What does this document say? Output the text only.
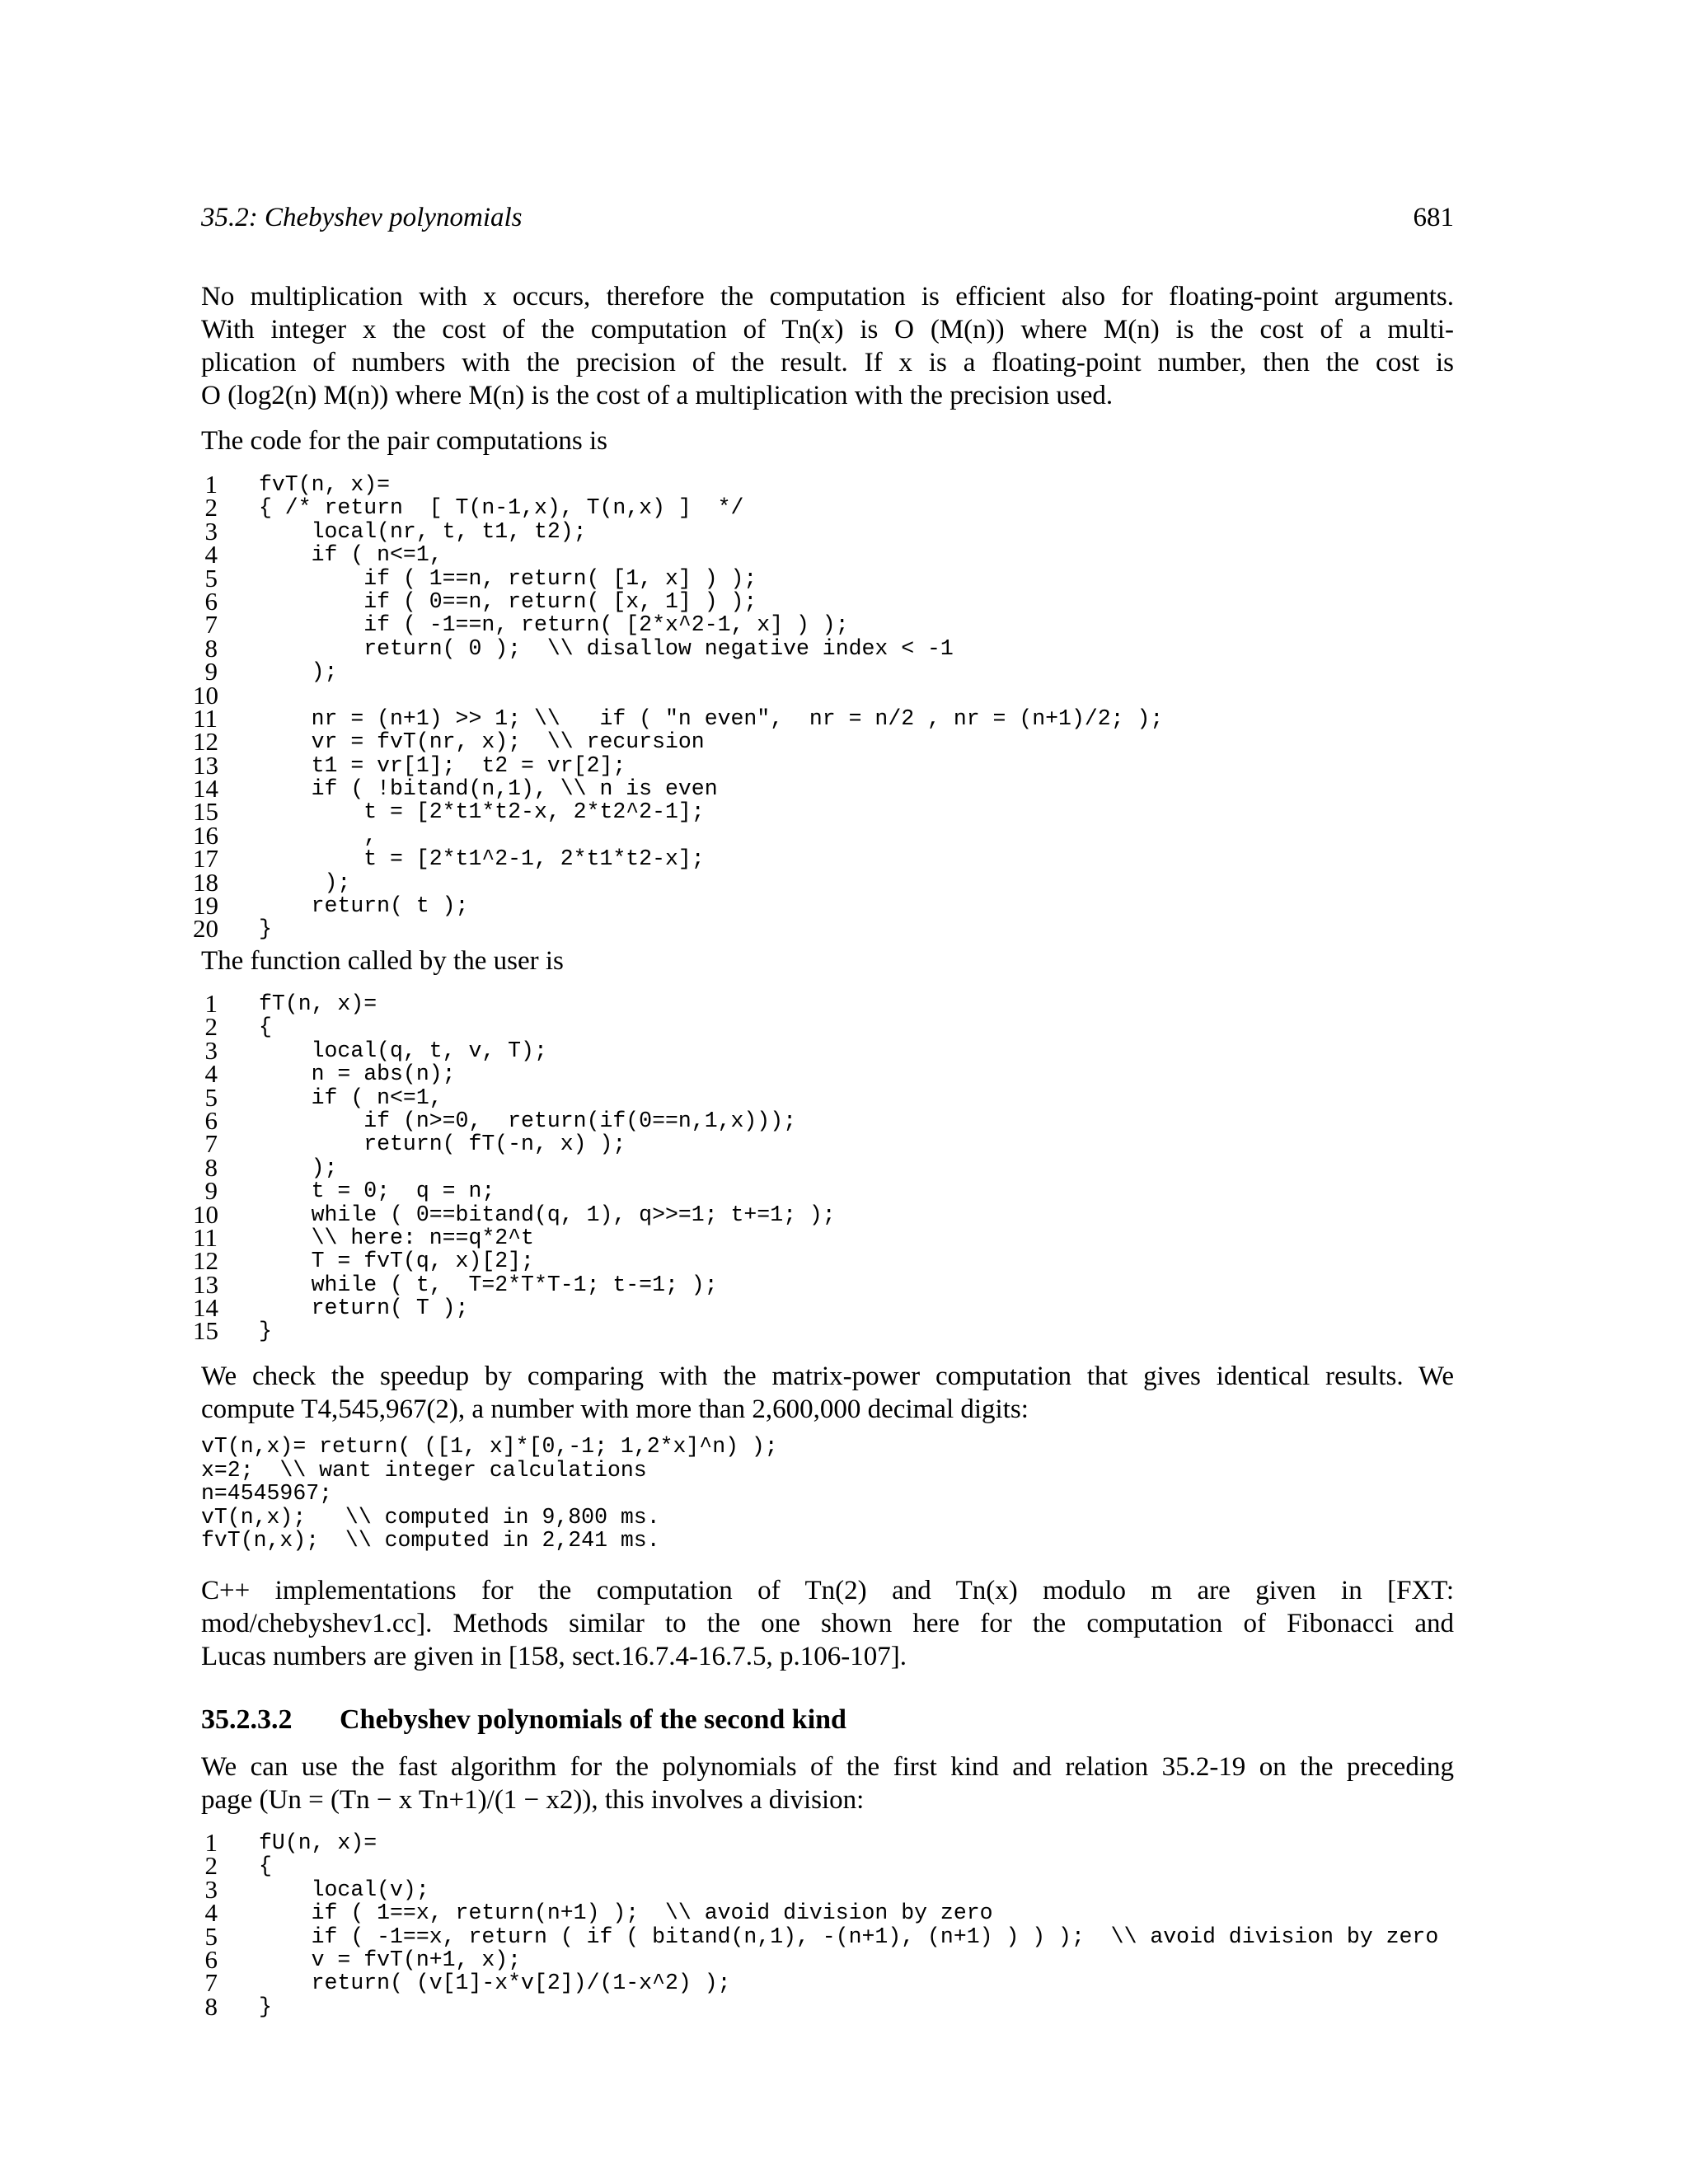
35.2: Chebyshev polynomials	681

No multiplication with x occurs, therefore the computation is efficient also for floating-point arguments.
With integer x the cost of the computation of Tn(x) is O (M(n)) where M(n) is the cost of a multi-
plication of numbers with the precision of the result. If x is a floating-point number, then the cost is
O (log2(n) M(n)) where M(n) is the cost of a multiplication with the precision used.

The code for the pair computations is

1	fvT(n, x)=
2	{ /* return  [ T(n-1,x), T(n,x) ]  */
3	local(nr, t, t1, t2);
4	if ( n<=1,
5	if ( 1==n, return( [1, x] ) );
6	if ( 0==n, return( [x, 1] ) );
7	if ( -1==n, return( [2*x^2-1, x] ) );
8	return( 0 );  \\ disallow negative index < -1
9	);
10
11	nr = (n+1) >> 1; \\   if ( "n even",  nr = n/2 , nr = (n+1)/2; );
12	vr = fvT(nr, x);  \\ recursion
13	t1 = vr[1];  t2 = vr[2];
14	if ( !bitand(n,1), \\ n is even
15	t = [2*t1*t2-x, 2*t2^2-1];
16	,
17	t = [2*t1^2-1, 2*t1*t2-x];
18	);
19	return( t );
20	}

The function called by the user is

1	fT(n, x)=
2	{
3	local(q, t, v, T);
4	n = abs(n);
5	if ( n<=1,
6	if (n>=0,  return(if(0==n,1,x)));
7	return( fT(-n, x) );
8	);
9	t = 0;  q = n;
10	while ( 0==bitand(q, 1), q>>=1; t+=1; );
11	\\ here: n==q*2^t
12	T = fvT(q, x)[2];
13	while ( t,  T=2*T*T-1; t-=1; );
14	return( T );
15	}

We check the speedup by comparing with the matrix-power computation that gives identical results. We
compute T4,545,967(2), a number with more than 2,600,000 decimal digits:

vT(n,x)= return( ([1, x]*[0,-1; 1,2*x]^n) );
x=2;  \\ want integer calculations
n=4545967;
vT(n,x);   \\ computed in 9,800 ms.
fvT(n,x);  \\ computed in 2,241 ms.

C++ implementations for the computation of Tn(2) and Tn(x) modulo m are given in [FXT:
mod/chebyshev1.cc]. Methods similar to the one shown here for the computation of Fibonacci and
Lucas numbers are given in [158, sect.16.7.4-16.7.5, p.106-107].

35.2.3.2 Chebyshev polynomials of the second kind

We can use the fast algorithm for the polynomials of the first kind and relation 35.2-19 on the preceding
page (Un = (Tn − x Tn+1)/(1 − x2)), this involves a division:

1	fU(n, x)=
2	{
3	local(v);
4	if ( 1==x, return(n+1) );  \\ avoid division by zero
5	if ( -1==x, return ( if ( bitand(n,1), -(n+1), (n+1) ) ) );  \\ avoid division by zero
6	v = fvT(n+1, x);
7	return( (v[1]-x*v[2])/(1-x^2) );
8	}
